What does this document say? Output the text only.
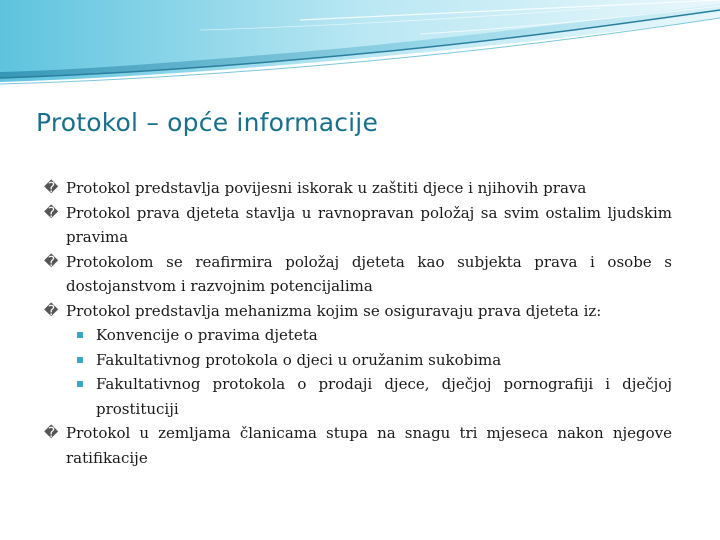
Protokol – opće informacije
� Protokol predstavlja povijesni iskorak u zaštiti djece i njihovih prava
� Protokol prava djeteta stavlja u ravnopravan položaj sa svim ostalim ljudskim pravima
� Protokolom se reafirmira položaj djeteta kao subjekta prava i osobe s dostojanstvom i razvojnim potencijalima
� Protokol predstavlja mehanizma kojim se osiguravaju prava djeteta iz:
Konvencije o pravima djeteta
Fakultativnog protokola o djeci u oružanim sukobima
Fakultativnog protokola o prodaji djece, dječjoj pornografiji i dječjoj prostituciji
� Protokol u zemljama članicama stupa na snagu tri mjeseca nakon njegove ratifikacije
